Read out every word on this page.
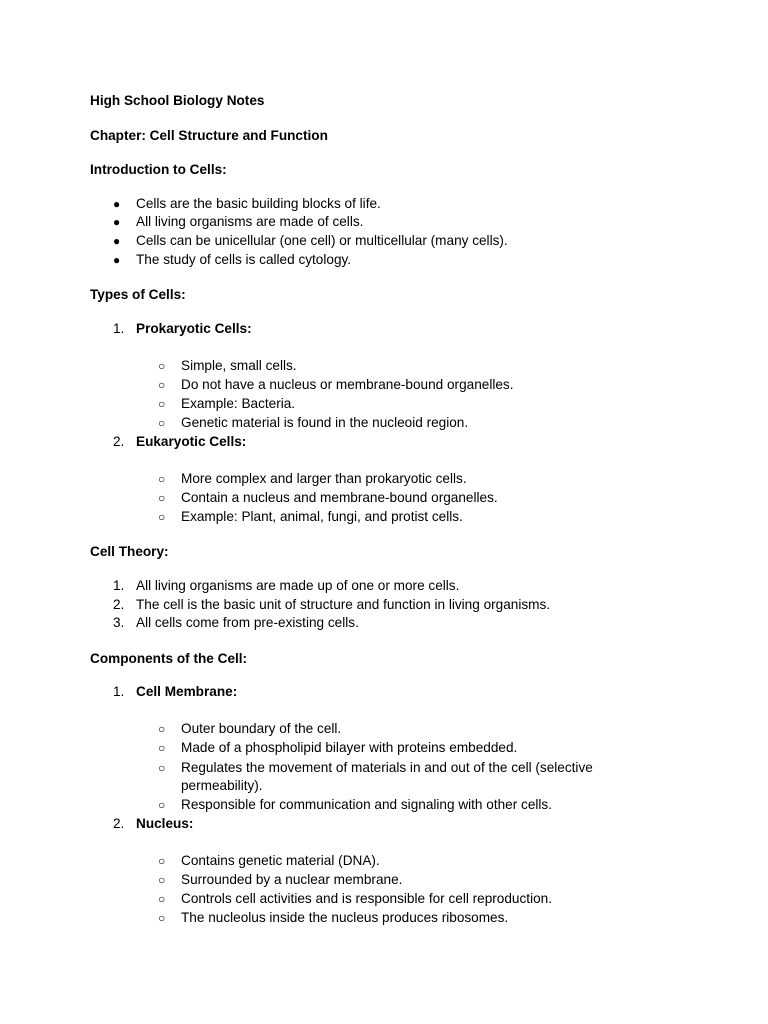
High School Biology Notes
Chapter: Cell Structure and Function
Introduction to Cells:
●	Cells are the basic building blocks of life.
●	All living organisms are made of cells.
●	Cells can be unicellular (one cell) or multicellular (many cells).
●	The study of cells is called cytology.
Types of Cells:
1. Prokaryotic Cells:
○	Simple, small cells.
○	Do not have a nucleus or membrane-bound organelles.
○	Example: Bacteria.
○	Genetic material is found in the nucleoid region.
2. Eukaryotic Cells:
○	More complex and larger than prokaryotic cells.
○	Contain a nucleus and membrane-bound organelles.
○	Example: Plant, animal, fungi, and protist cells.
Cell Theory:
1. All living organisms are made up of one or more cells.
2. The cell is the basic unit of structure and function in living organisms.
3. All cells come from pre-existing cells.
Components of the Cell:
1. Cell Membrane:
○	Outer boundary of the cell.
○	Made of a phospholipid bilayer with proteins embedded.
○	Regulates the movement of materials in and out of the cell (selective
permeability).
○	Responsible for communication and signaling with other cells.
2. Nucleus:
○	Contains genetic material (DNA).
○	Surrounded by a nuclear membrane.
○	Controls cell activities and is responsible for cell reproduction.
○	The nucleolus inside the nucleus produces ribosomes.
